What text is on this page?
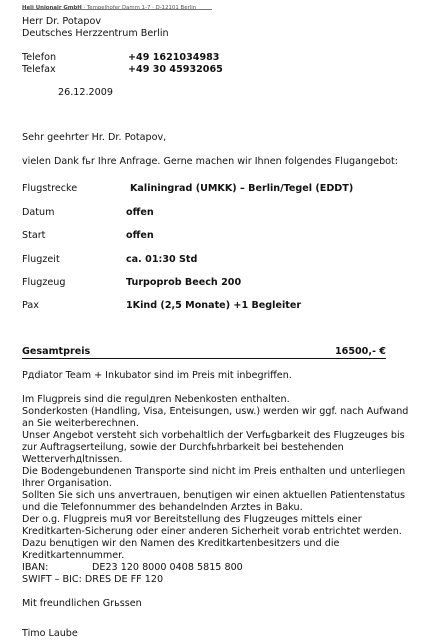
Heli Unionair GmbH · Tempelhofer Damm 1-7 · D-12101 Berlin
Herr Dr. Potapov
Deutsches Herzzentrum Berlin
Telefon	+49 1621034983
Telefax	+49 30 45932065
26.12.2009
Sehr geehrter Hr. Dr. Potapov,
vielen Dank fьr Ihre Anfrage. Gerne machen wir Ihnen folgendes Flugangebot:
Flugstrecke	Kaliningrad (UMKK) – Berlin/Tegel (EDDT)
Datum	offen
Start	offen
Flugzeit	ca. 01:30 Std
Flugzeug	Turpoprob Beech 200
Pax	1Kind (2,5 Monate) +1 Begleiter
Gesamtpreis	16500,- €
Pдdiator Team + Inkubator sind im Preis mit inbegriffen.
Im Flugpreis sind die regulдren Nebenkosten enthalten.
Sonderkosten (Handling, Visa, Enteisungen, usw.) werden wir ggf. nach Aufwand
an Sie weiterberechnen.
Unser Angebot versteht sich vorbehaltlich der Verfьgbarkeit des Flugzeuges bis
zur Auftragserteilung, sowie der Durchfьhrbarkeit bei bestehenden
Wetterverhдltnissen.
Die Bodengebundenen Transporte sind nicht im Preis enthalten und unterliegen
Ihrer Organisation.
Sollten Sie sich uns anvertrauen, benцtigen wir einen aktuellen Patientenstatus
und die Telefonnummer des behandelnden Arztes in Baku.
Der o.g. Flugpreis muЯ vor Bereitstellung des Flugzeuges mittels einer
Kreditkarten-Sicherung oder einer anderen Sicherheit vorab entrichtet werden.
Dazu benцtigen wir den Namen des Kreditkartenbesitzers und die
Kreditkartennummer.
IBAN:	DE23 120 8000 0408 5815 800
SWIFT – BIC: DRES DE FF 120
Mit freundlichen Grьssen
Timo Laube
